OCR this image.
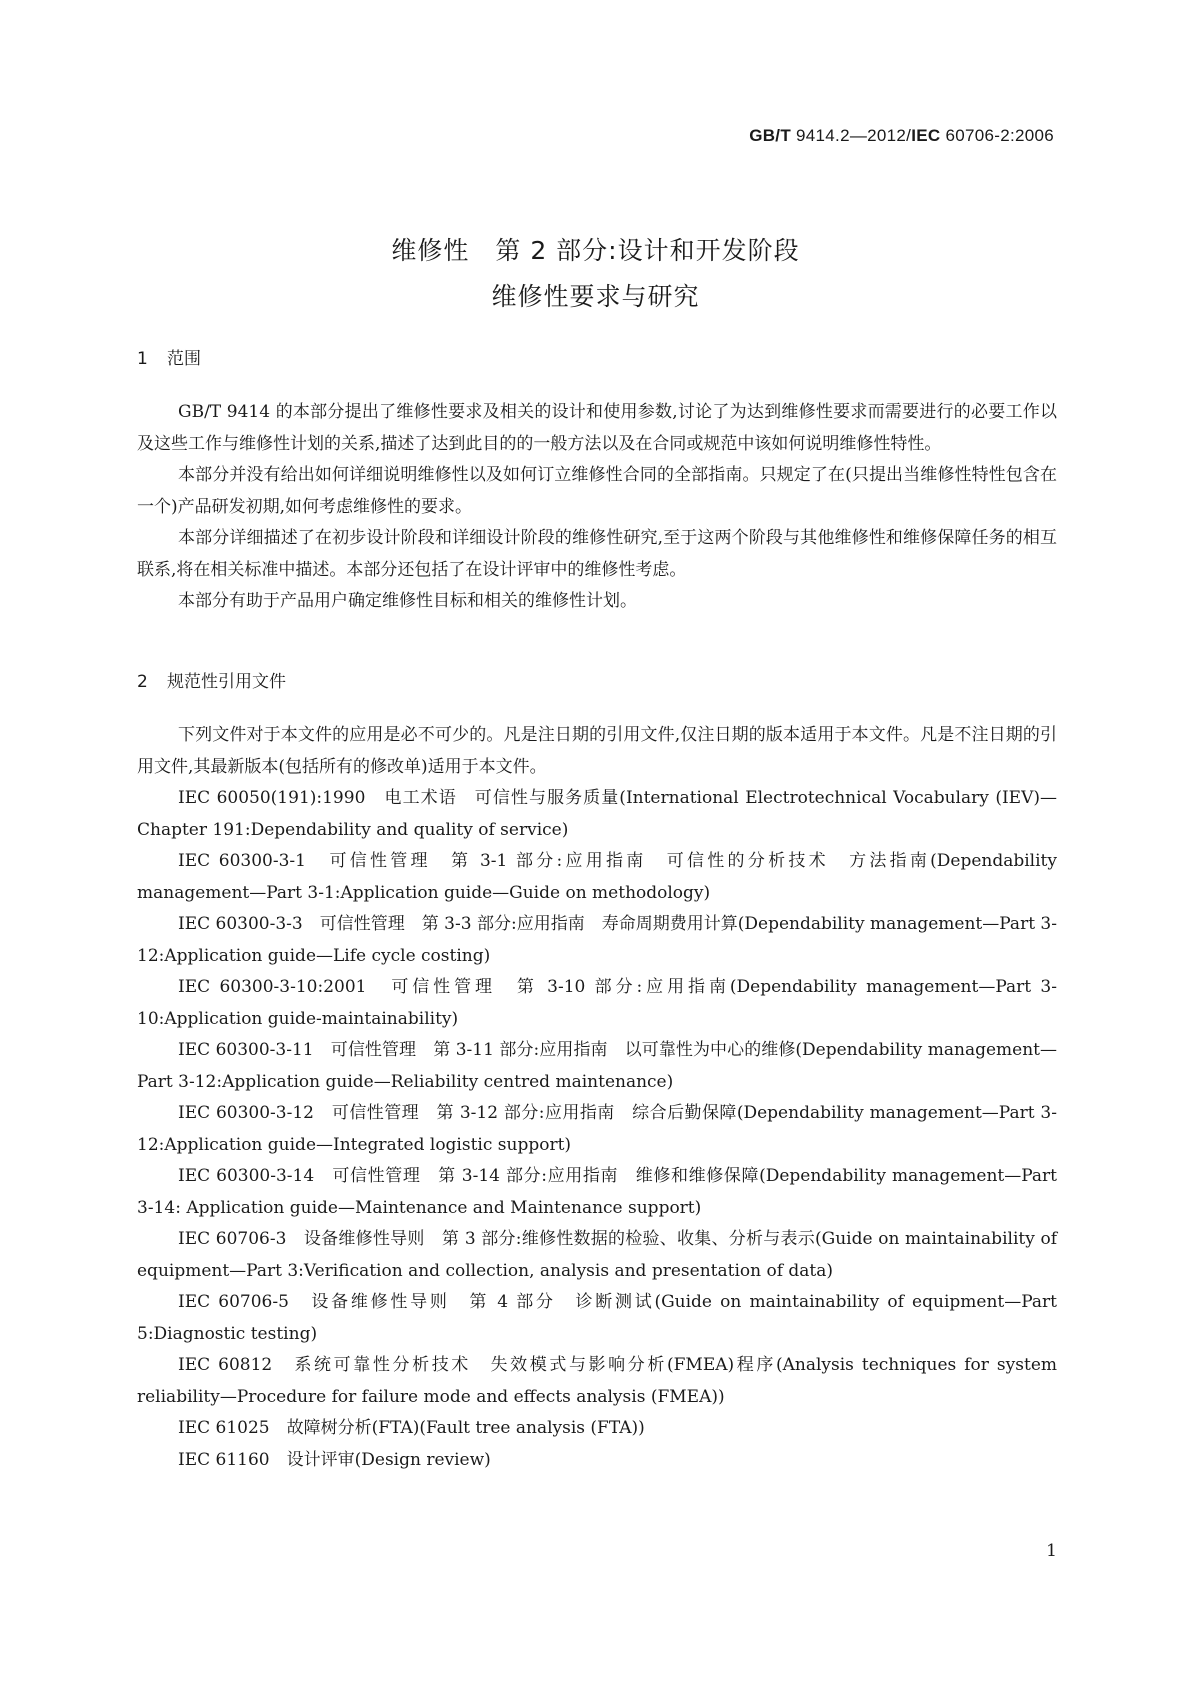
GB/T 9414.2—2012/IEC 60706-2:2006
维修性　第 2 部分:设计和开发阶段
维修性要求与研究
1 范围

GB/T 9414 的本部分提出了维修性要求及相关的设计和使用参数,讨论了为达到维修性要求而需要进行的必要工作以及这些工作与维修性计划的关系,描述了达到此目的的一般方法以及在合同或规范中该如何说明维修性特性。

本部分并没有给出如何详细说明维修性以及如何订立维修性合同的全部指南。只规定了在(只提出当维修性特性包含在一个)产品研发初期,如何考虑维修性的要求。

本部分详细描述了在初步设计阶段和详细设计阶段的维修性研究,至于这两个阶段与其他维修性和维修保障任务的相互联系,将在相关标准中描述。本部分还包括了在设计评审中的维修性考虑。

本部分有助于产品用户确定维修性目标和相关的维修性计划。

2 规范性引用文件

下列文件对于本文件的应用是必不可少的。凡是注日期的引用文件,仅注日期的版本适用于本文件。凡是不注日期的引用文件,其最新版本(包括所有的修改单)适用于本文件。

IEC 60050(191):1990　电工术语　可信性与服务质量(International Electrotechnical Vocabulary (IEV)—Chapter 191:Dependability and quality of service)

IEC 60300-3-1　可信性管理　第 3-1 部分:应用指南　可信性的分析技术　方法指南(Dependability management—Part 3-1:Application guide—Guide on methodology)

IEC 60300-3-3　可信性管理　第 3-3 部分:应用指南　寿命周期费用计算(Dependability management—Part 3-12:Application guide—Life cycle costing)

IEC 60300-3-10:2001　可信性管理　第 3-10 部分:应用指南(Dependability management—Part 3-10:Application guide-maintainability)

IEC 60300-3-11　可信性管理　第 3-11 部分:应用指南　以可靠性为中心的维修(Dependability management—Part 3-12:Application guide—Reliability centred maintenance)

IEC 60300-3-12　可信性管理　第 3-12 部分:应用指南　综合后勤保障(Dependability management—Part 3-12:Application guide—Integrated logistic support)

IEC 60300-3-14　可信性管理　第 3-14 部分:应用指南　维修和维修保障(Dependability management—Part 3-14: Application guide—Maintenance and Maintenance support)

IEC 60706-3　设备维修性导则　第 3 部分:维修性数据的检验、收集、分析与表示(Guide on maintainability of equipment—Part 3:Verification and collection, analysis and presentation of data)

IEC 60706-5　设备维修性导则　第 4 部分　诊断测试(Guide on maintainability of equipment—Part 5:Diagnostic testing)

IEC 60812　系统可靠性分析技术　失效模式与影响分析(FMEA)程序(Analysis techniques for system reliability—Procedure for failure mode and effects analysis (FMEA))

IEC 61025　故障树分析(FTA)(Fault tree analysis (FTA))

IEC 61160　设计评审(Design review)

1
